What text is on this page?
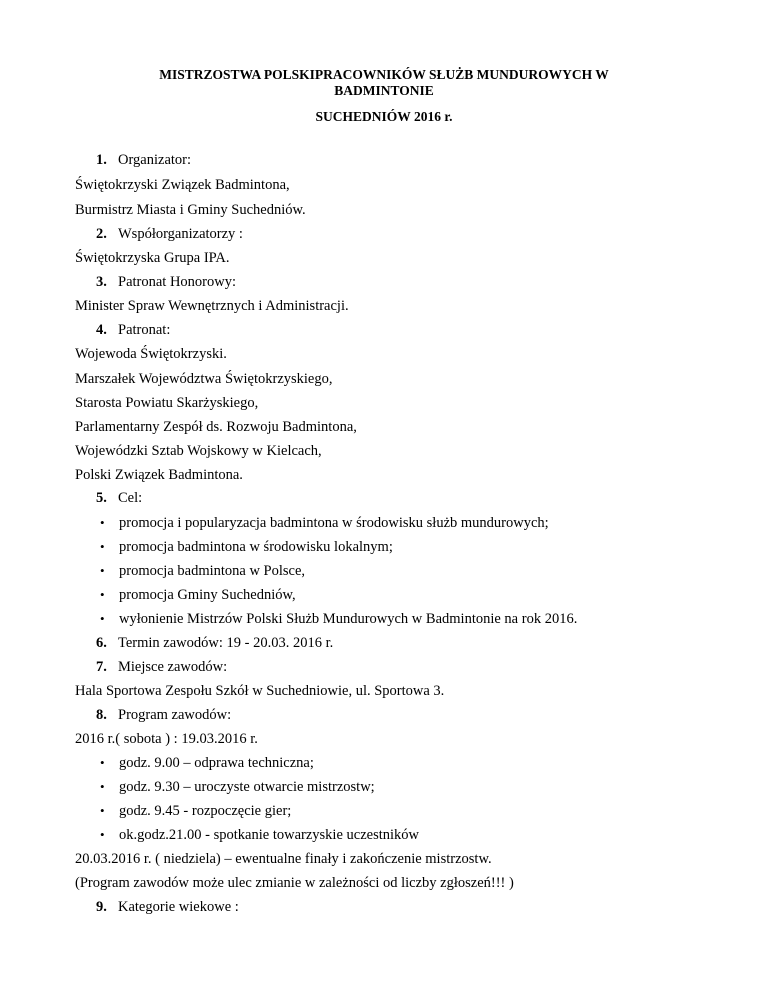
MISTRZOSTWA POLSKIPRACOWNIKÓW SŁUŻB MUNDUROWYCH W
BADMINTONIE
SUCHEDNIÓW 2016 r.
1. Organizator:
Świętokrzyski Związek Badmintona,
Burmistrz Miasta i Gminy Suchedniów.
2. Współorganizatorzy :
Świętokrzyska Grupa IPA.
3. Patronat Honorowy:
Minister Spraw Wewnętrznych i Administracji.
4. Patronat:
Wojewoda Świętokrzyski.
Marszałek Województwa Świętokrzyskiego,
Starosta Powiatu Skarżyskiego,
Parlamentarny Zespół ds. Rozwoju Badmintona,
Wojewódzki Sztab Wojskowy w Kielcach,
Polski Związek Badmintona.
5. Cel:
• promocja i popularyzacja badmintona w środowisku służb mundurowych;
• promocja badmintona w środowisku lokalnym;
• promocja badmintona w Polsce,
• promocja Gminy Suchedniów,
• wyłonienie Mistrzów Polski Służb Mundurowych w Badmintonie na rok 2016.
6. Termin zawodów: 19 - 20.03. 2016 r.
7. Miejsce zawodów:
Hala Sportowa Zespołu Szkół w Suchedniowie, ul. Sportowa 3.
8. Program zawodów:
2016 r.( sobota ) : 19.03.2016 r.
• godz. 9.00 – odprawa techniczna;
• godz. 9.30 – uroczyste otwarcie mistrzostw;
• godz. 9.45 - rozpoczęcie gier;
• ok.godz.21.00 - spotkanie towarzyskie uczestników
20.03.2016 r. ( niedziela) – ewentualne finały i zakończenie mistrzostw.
(Program zawodów może ulec zmianie w zależności od liczby zgłoszeń!!! )
9. Kategorie wiekowe :
